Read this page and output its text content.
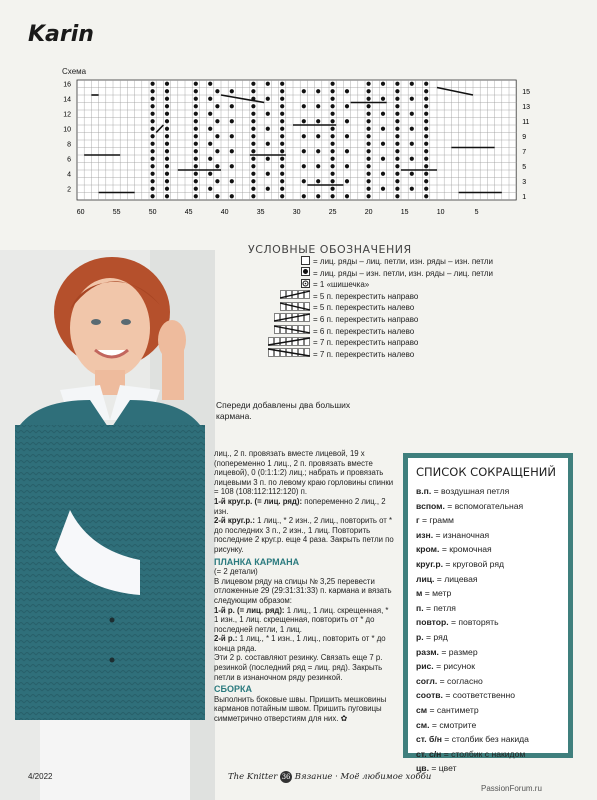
Karin
Схема
16
14
12
10
8
6
4
2
15
13
11
9
7
5
3
1
60	55	50	45	40	35	30	25	20	15	10	5
УСЛОВНЫЕ ОБОЗНАЧЕНИЯ
= лиц. ряды – лиц. петли, изн. ряды – изн. петли
= лиц. ряды – изн. петли, изн. ряды – лиц. петли
= 1 «шишечка»
= 5 п. перекрестить направо
= 5 п. перекрестить налево
= 6 п. перекрестить направо
= 6 п. перекрестить налево
= 7 п. перекрестить направо
= 7 п. перекрестить налево
Спереди добавлены два больших кармана.

лиц., 2 п. провязать вместе лицевой, 19 х (попеременно 1 лиц., 2 п. провязать вместе лицевой), 0 (0:1:1:2) лиц.; набрать и провязать лицевыми 3 п. по левому краю горловины спинки = 108 (108:112:112:120) п.

1-й круг.р. (= лиц. ряд): попеременно 2 лиц., 2 изн.

2-й круг.р.: 1 лиц., * 2 изн., 2 лиц., повторить от * до последних 3 п., 2 изн., 1 лиц. Повторить последние 2 круг.р. еще 4 раза. Закрыть петли по рисунку.

ПЛАНКА КАРМАНА

(= 2 детали)

В лицевом ряду на спицы № 3,25 перевести отложенные 29 (29:31:31:33) п. кармана и вязать следующим образом:

1-й р. (= лиц. ряд): 1 лиц., 1 лиц. скрещенная, * 1 изн., 1 лиц. скрещенная, повторить от * до последней петли, 1 лиц.

2-й р.: 1 лиц., * 1 изн., 1 лиц., повторить от * до конца ряда.

Эти 2 р. составляют резинку. Связать еще 7 р. резинкой (последний ряд = лиц. ряд). Закрыть петли в изнаночном ряду резинкой.

СБОРКА

Выполнить боковые швы. Пришить мешковины карманов потайным швом. Пришить пуговицы симметрично отверстиям для них. ✿

СПИСОК СОКРАЩЕНИЙ
в.п. = воздушная петля
вспом. = вспомогательная
г = грамм
изн. = изнаночная
кром. = кромочная
круг.р. = круговой ряд
лиц. = лицевая
м = метр
п. = петля
повтор. = повторять
р. = ряд
разм. = размер
рис. = рисунок
согл. = согласно
соотв. = соответственно
см = сантиметр
см. = смотрите
ст. б/н = столбик без накида
ст. с/н = столбик с накидом
цв. = цвет
4/2022	The Knitter 36 Вязание · Моё любимое хобби
PassionForum.ru
